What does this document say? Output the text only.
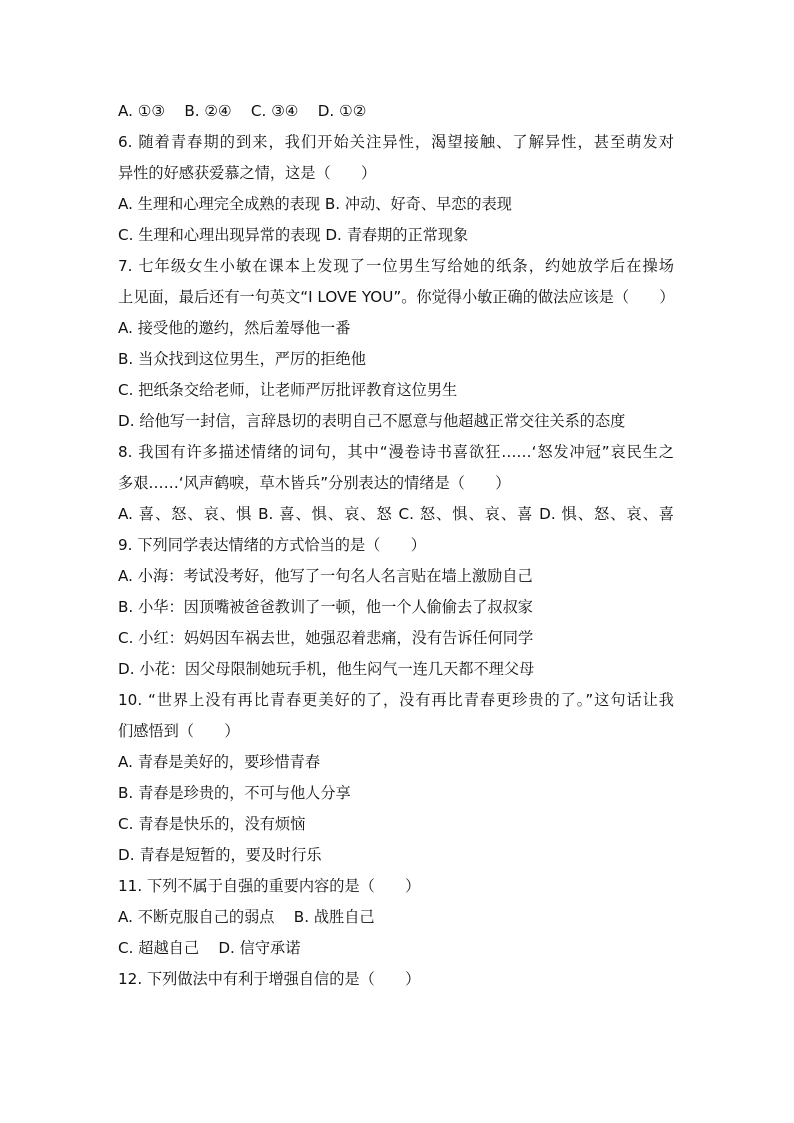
A. ①③    B. ②④    C. ③④    D. ①②
6. 随着青春期的到来，我们开始关注异性，渴望接触、了解异性，甚至萌发对
异性的好感获爱慕之情，这是（　　）
A. 生理和心理完全成熟的表现 B. 冲动、好奇、早恋的表现
C. 生理和心理出现异常的表现 D. 青春期的正常现象
7. 七年级女生小敏在课本上发现了一位男生写给她的纸条，约她放学后在操场
上见面，最后还有一句英文“I LOVE YOU”。你觉得小敏正确的做法应该是（　　）
A. 接受他的邀约，然后羞辱他一番
B. 当众找到这位男生，严厉的拒绝他
C. 把纸条交给老师，让老师严厉批评教育这位男生
D. 给他写一封信，言辞恳切的表明自己不愿意与他超越正常交往关系的态度
8. 我国有许多描述情绪的词句，其中“漫卷诗书喜欲狂……‘怒发冲冠”哀民生之
多艰……‘风声鹤唳，草木皆兵”分别表达的情绪是（　　）
A. 喜、怒、哀、惧 B. 喜、惧、哀、怒 C. 怒、惧、哀、喜 D. 惧、怒、哀、喜
9. 下列同学表达情绪的方式恰当的是（　　）
A. 小海：考试没考好，他写了一句名人名言贴在墙上激励自己
B. 小华：因顶嘴被爸爸教训了一顿，他一个人偷偷去了叔叔家
C. 小红：妈妈因车祸去世，她强忍着悲痛，没有告诉任何同学
D. 小花：因父母限制她玩手机，他生闷气一连几天都不理父母
10. “世界上没有再比青春更美好的了，没有再比青春更珍贵的了。”这句话让我
们感悟到（　　）
A. 青春是美好的，要珍惜青春
B. 青春是珍贵的，不可与他人分享
C. 青春是快乐的，没有烦恼
D. 青春是短暂的，要及时行乐
11. 下列不属于自强的重要内容的是（　　）
A. 不断克服自己的弱点    B. 战胜自己
C. 超越自己    D. 信守承诺
12. 下列做法中有利于增强自信的是（　　）
